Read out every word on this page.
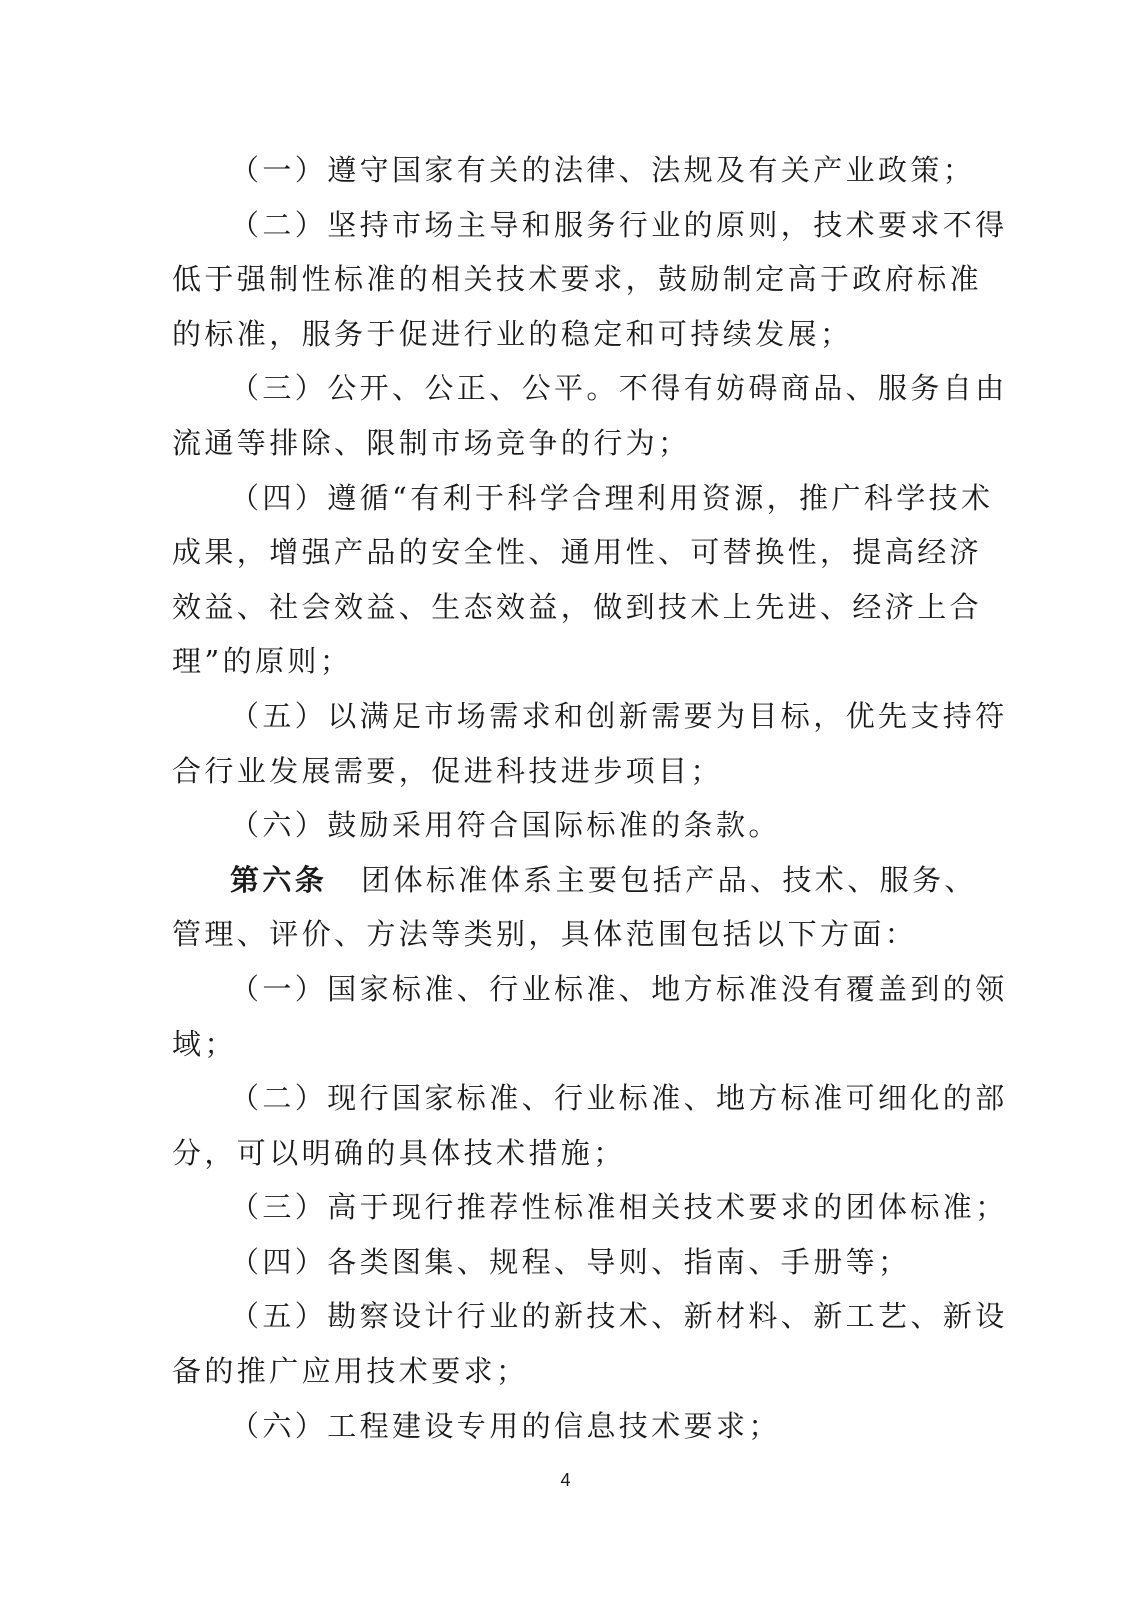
（一）遵守国家有关的法律、法规及有关产业政策；
（二）坚持市场主导和服务行业的原则，技术要求不得
低于强制性标准的相关技术要求，鼓励制定高于政府标准
的标准，服务于促进行业的稳定和可持续发展；
（三）公开、公正、公平。不得有妨碍商品、服务自由
流通等排除、限制市场竞争的行为；
（四）遵循“有利于科学合理利用资源，推广科学技术
成果，增强产品的安全性、通用性、可替换性，提高经济
效益、社会效益、生态效益，做到技术上先进、经济上合
理”的原则；
（五）以满足市场需求和创新需要为目标，优先支持符
合行业发展需要，促进科技进步项目；
（六）鼓励采用符合国际标准的条款。
第六条 团体标准体系主要包括产品、技术、服务、
管理、评价、方法等类别，具体范围包括以下方面：
（一）国家标准、行业标准、地方标准没有覆盖到的领
域；
（二）现行国家标准、行业标准、地方标准可细化的部
分，可以明确的具体技术措施；
（三）高于现行推荐性标准相关技术要求的团体标准；
（四）各类图集、规程、导则、指南、手册等；
（五）勘察设计行业的新技术、新材料、新工艺、新设
备的推广应用技术要求；
（六）工程建设专用的信息技术要求；
4
